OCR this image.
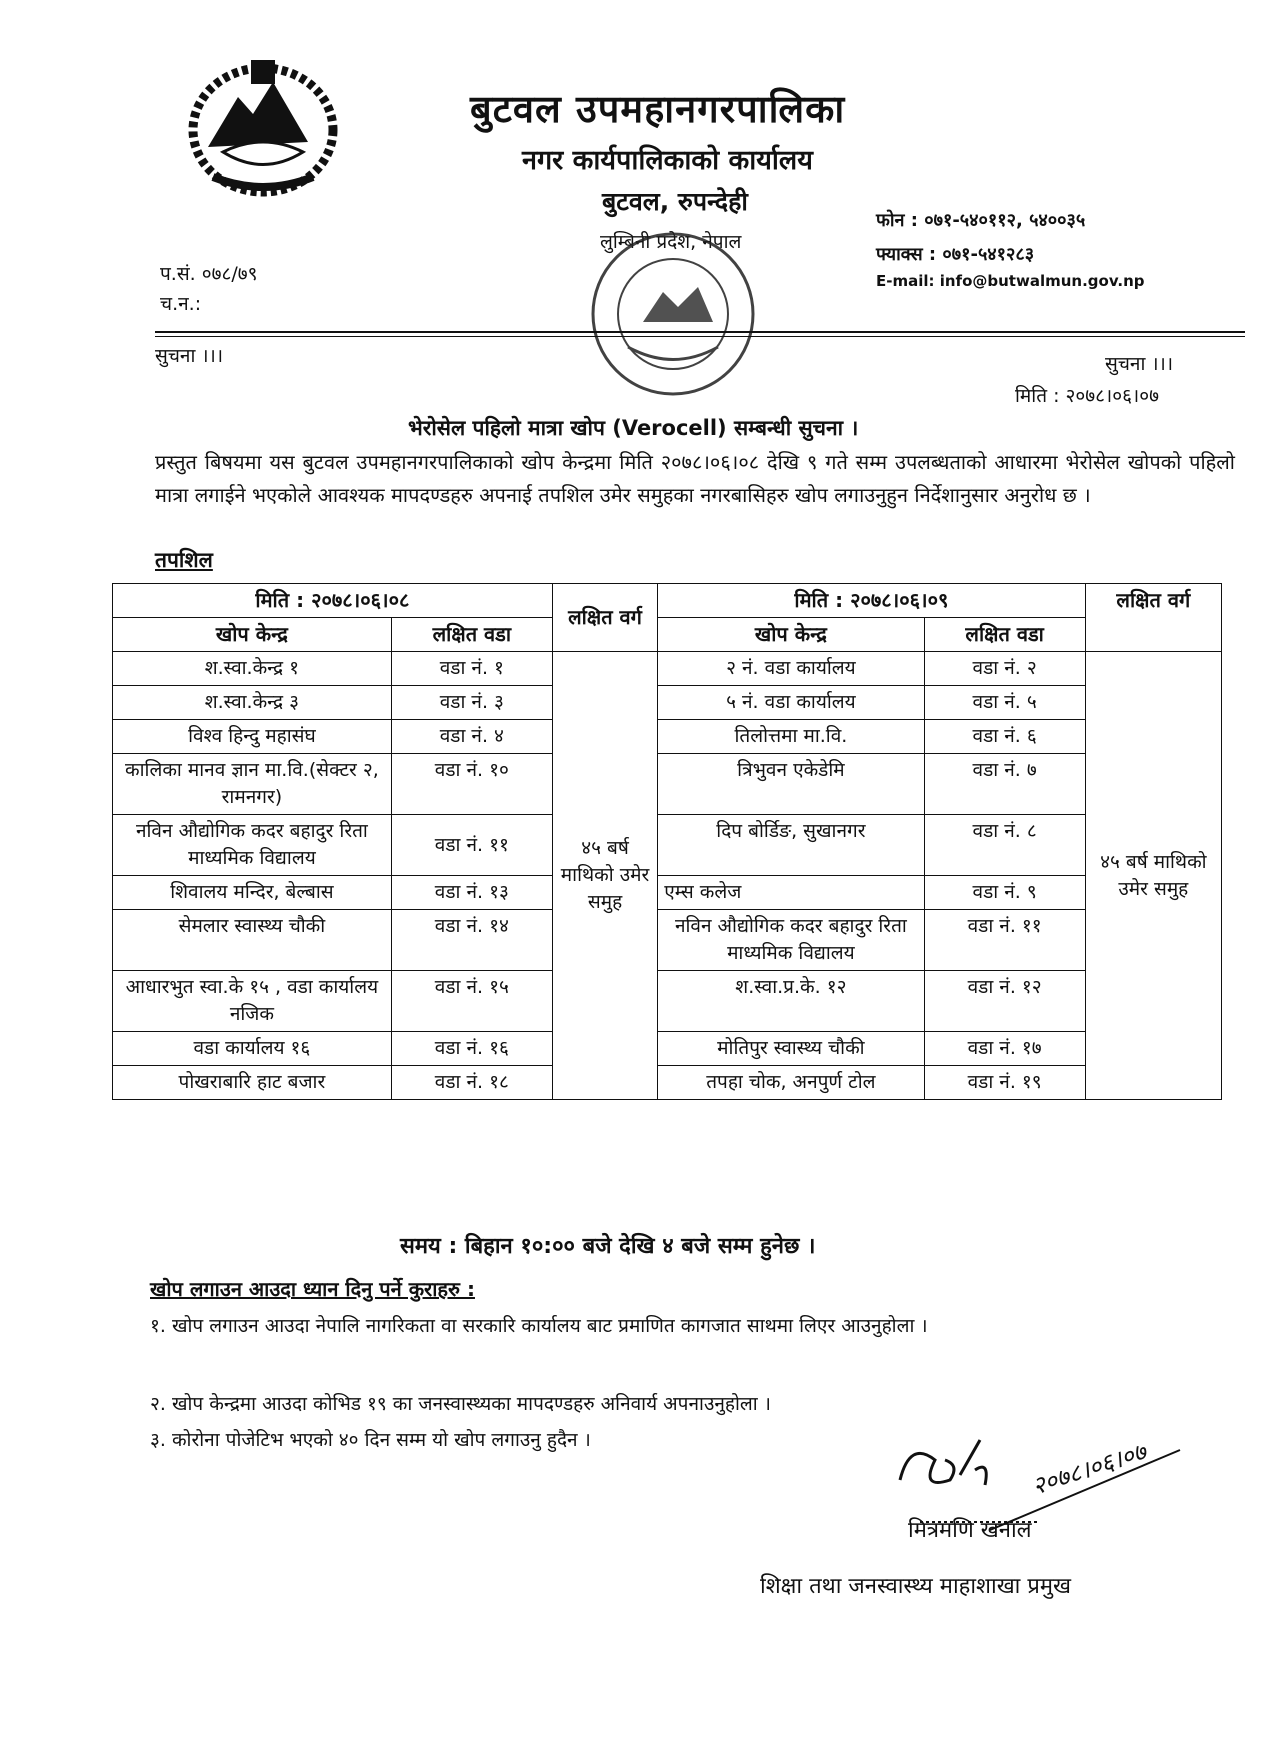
बुटवल उपमहानगरपालिका
नगर कार्यपालिकाको कार्यालय
बुटवल, रुपन्देही
लुम्बिनी प्रदेश, नेपाल
फोन : ०७१-५४०११२, ५४००३५
फ्याक्स : ०७१-५४१२८३
E-mail: info@butwalmun.gov.np
प.सं. ०७८/७९
च.न.:
सुचना ।।।	सुचना ।।।
मिति : २०७८।०६।०७
भेरोसेल पहिलो मात्रा खोप (Verocell) सम्बन्धी सुचना ।
प्रस्तुत बिषयमा यस बुटवल उपमहानगरपालिकाको खोप केन्द्रमा मिति २०७८।०६।०८ देखि ९ गते सम्म उपलब्धताको आधारमा भेरोसेल खोपको पहिलो मात्रा लगाईने भएकोले आवश्यक मापदण्डहरु अपनाई तपशिल उमेर समुहका नगरबासिहरु खोप लगाउनुहुन निर्देशानुसार अनुरोध छ ।
तपशिल
मिति : २०७८।०६।०८		लक्षित वर्ग	मिति : २०७८।०६।०९		लक्षित वर्ग
खोप केन्द्र	लक्षित वडा		खोप केन्द्र	लक्षित वडा	
श.स्वा.केन्द्र १	वडा नं. १	४५ बर्ष माथिको उमेर समुह	२ नं. वडा कार्यालय	वडा नं. २	४५ बर्ष माथिको उमेर समुह
श.स्वा.केन्द्र ३	वडा नं. ३		५ नं. वडा कार्यालय	वडा नं. ५	
विश्व हिन्दु महासंघ	वडा नं. ४		तिलोत्तमा मा.वि.	वडा नं. ६	
कालिका मानव ज्ञान मा.वि.(सेक्टर २, रामनगर)	वडा नं. १०		त्रिभुवन एकेडेमि	वडा नं. ७	
नविन औद्योगिक कदर बहादुर रिता माध्यमिक विद्यालय	वडा नं. ११		दिप बोर्डिङ, सुखानगर	वडा नं. ८	
शिवालय मन्दिर, बेल्बास	वडा नं. १३		एम्स कलेज	वडा नं. ९	
सेमलार स्वास्थ्य चौकी	वडा नं. १४		नविन औद्योगिक कदर बहादुर रिता माध्यमिक विद्यालय	वडा नं. ११	
आधारभुत स्वा.के १५ , वडा कार्यालय नजिक	वडा नं. १५		श.स्वा.प्र.के. १२	वडा नं. १२	
वडा कार्यालय १६	वडा नं. १६		मोतिपुर स्वास्थ्य चौकी	वडा नं. १७	
पोखराबारि हाट बजार	वडा नं. १८		तपहा चोक, अनपुर्ण टोल	वडा नं. १९	
समय : बिहान १०:०० बजे देखि ४ बजे सम्म हुनेछ ।
खोप लगाउन आउदा ध्यान दिनु पर्ने कुराहरु :
१. खोप लगाउन आउदा नेपालि नागरिकता वा सरकारि कार्यालय बाट प्रमाणित कागजात साथमा लिएर आउनुहोला ।
२. खोप केन्द्रमा आउदा कोभिड १९ का जनस्वास्थ्यका मापदण्डहरु अनिवार्य अपनाउनुहोला ।
३. कोरोना पोजेटिभ भएको ४० दिन सम्म यो खोप लगाउनु हुदैन ।	२०७८।०६।०७
मित्रमणि खनाल
शिक्षा तथा जनस्वास्थ्य माहाशाखा प्रमुख
